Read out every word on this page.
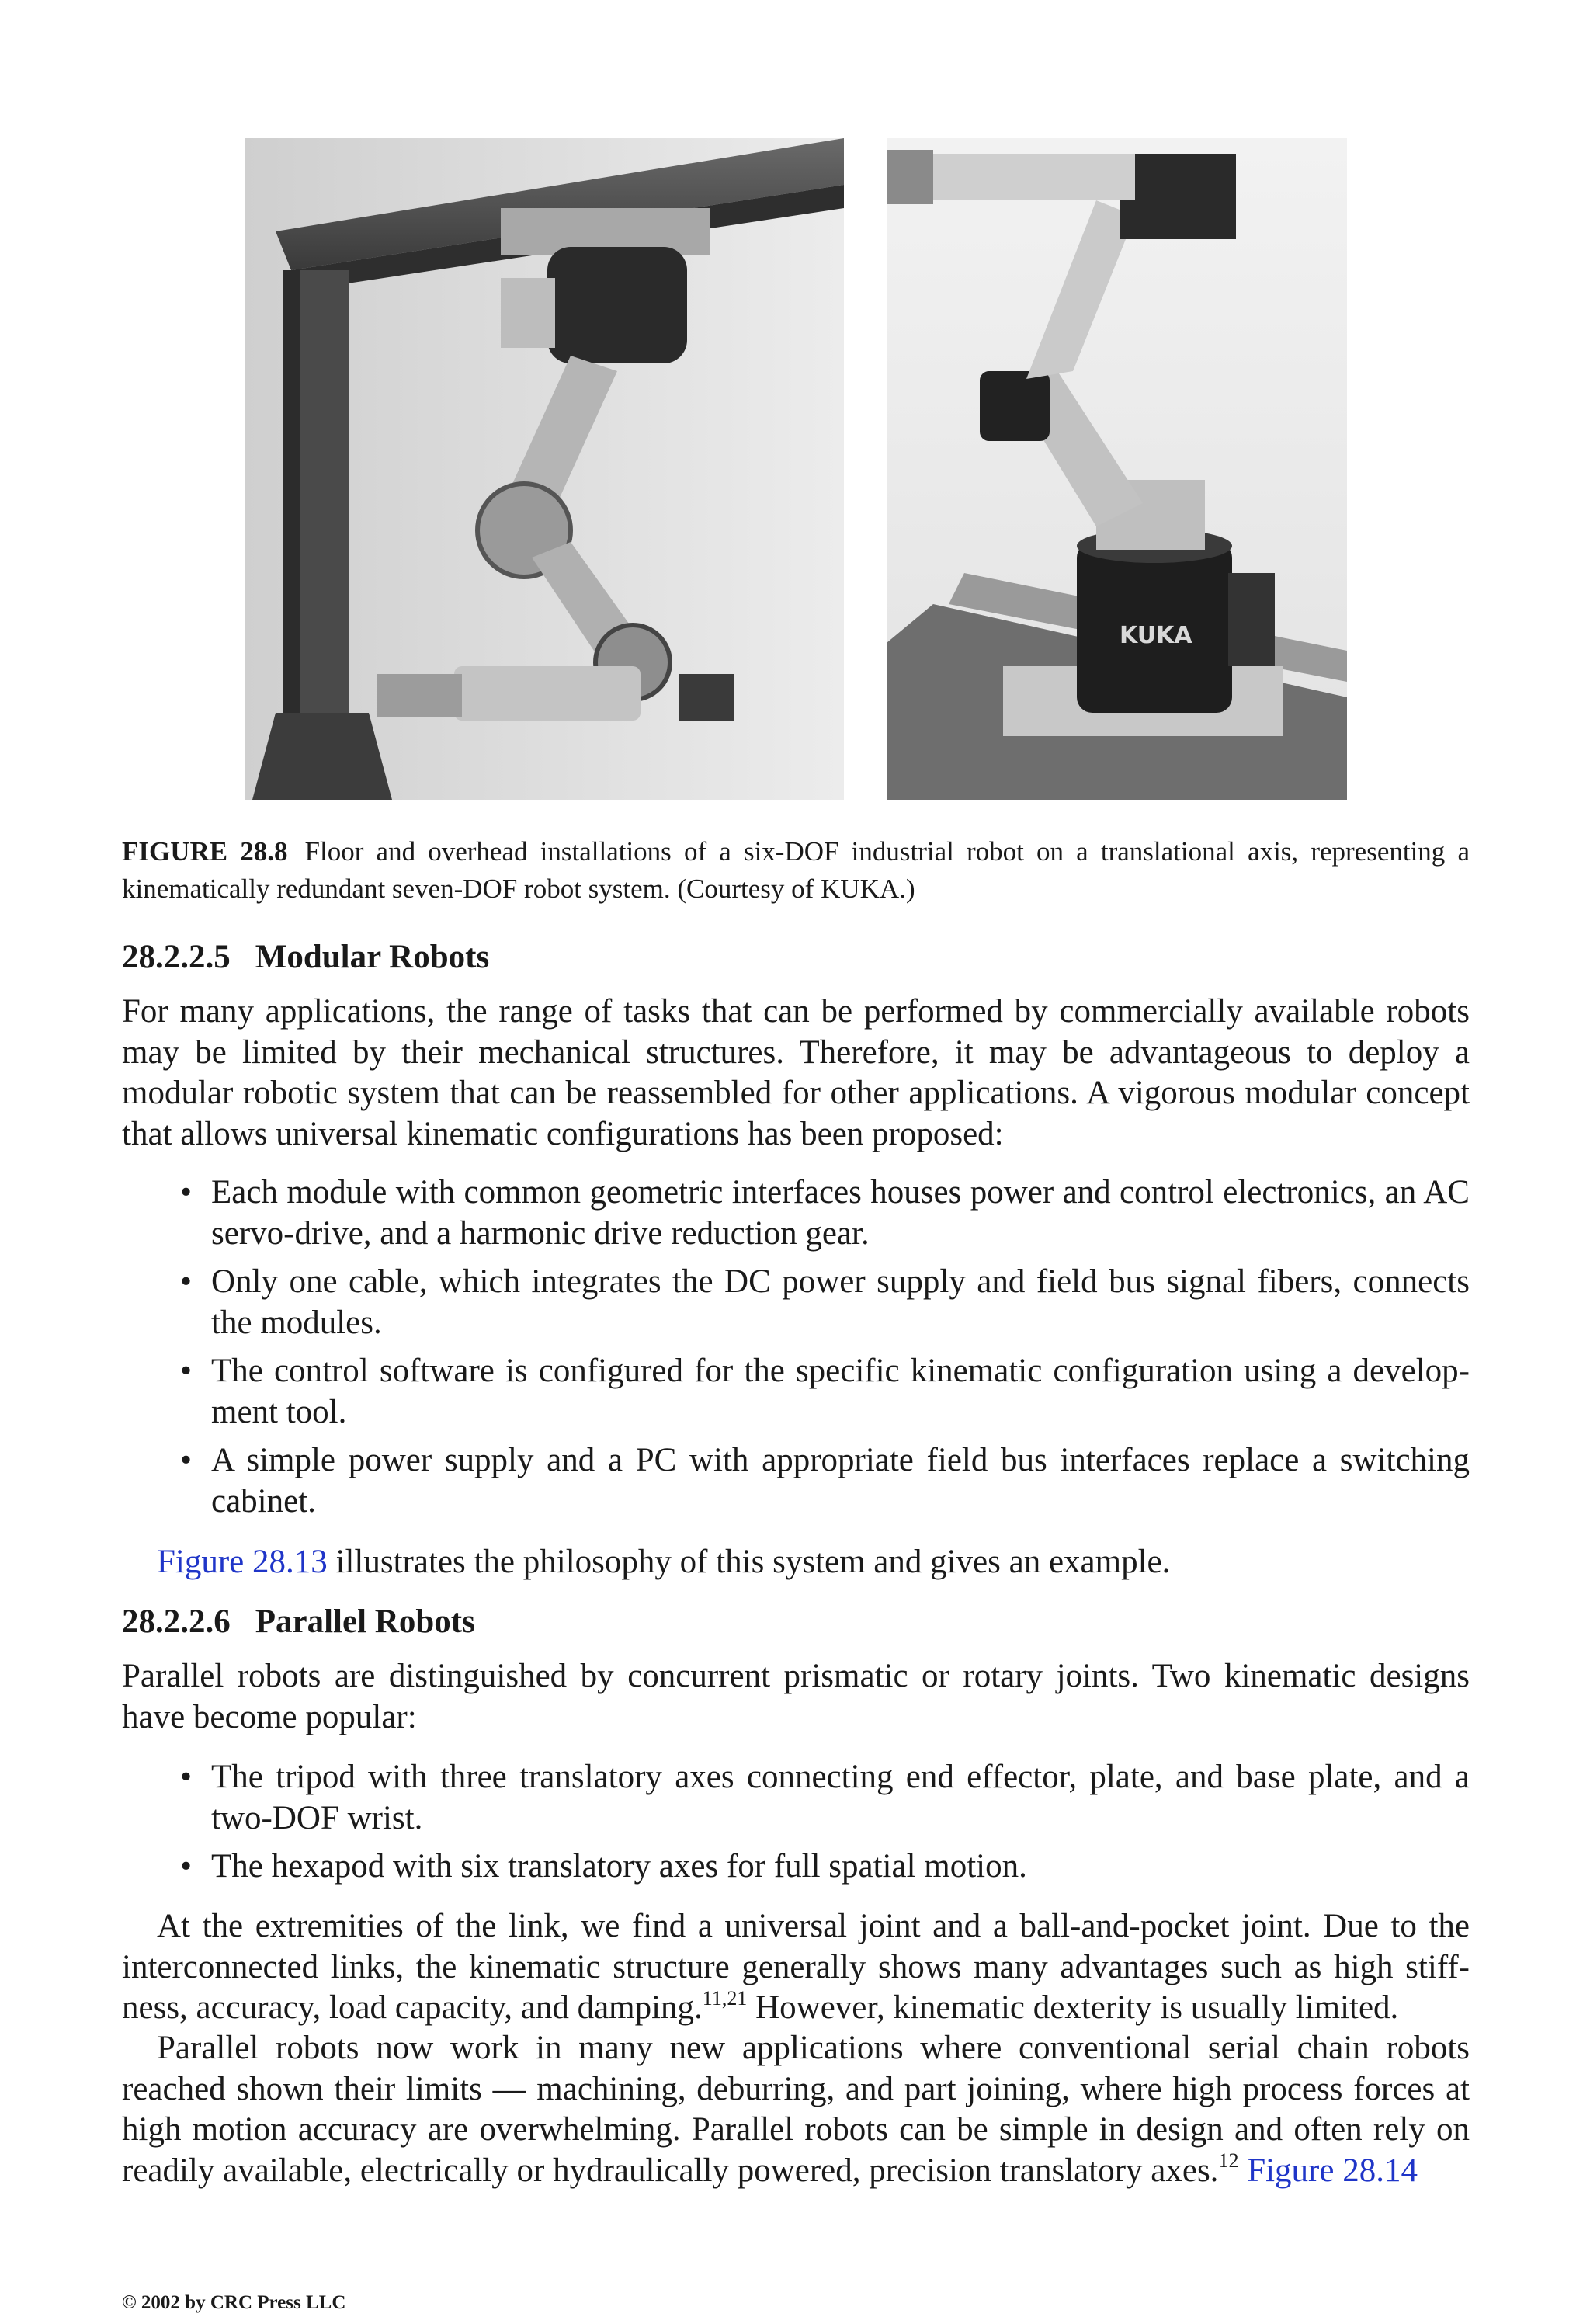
KUKA
FIGURE 28.8 Floor and overhead installations of a six-DOF industrial robot on a translational axis, representing a kinematically redundant seven-DOF robot system. (Courtesy of KUKA.)
28.2.2.5 Modular Robots

For many applications, the range of tasks that can be performed by commercially available robots may be limited by their mechanical structures. Therefore, it may be advantageous to deploy a modular robotic system that can be reassembled for other applications. A vigorous modular concept that allows universal kinematic configurations has been proposed:

• Each module with common geometric interfaces houses power and control electronics, an AC servo-drive, and a harmonic drive reduction gear.
• Only one cable, which integrates the DC power supply and field bus signal fibers, connects the modules.
• The control software is configured for the specific kinematic configuration using a develop-ment tool.
• A simple power supply and a PC with appropriate field bus interfaces replace a switching cabinet.

Figure 28.13 illustrates the philosophy of this system and gives an example.

28.2.2.6 Parallel Robots

Parallel robots are distinguished by concurrent prismatic or rotary joints. Two kinematic designs have become popular:

• The tripod with three translatory axes connecting end effector, plate, and base plate, and a two-DOF wrist.
• The hexapod with six translatory axes for full spatial motion.

At the extremities of the link, we find a universal joint and a ball-and-pocket joint. Due to the interconnected links, the kinematic structure generally shows many advantages such as high stiff-ness, accuracy, load capacity, and damping.$^{11,21}$ However, kinematic dexterity is usually limited.

Parallel robots now work in many new applications where conventional serial chain robots reached shown their limits — machining, deburring, and part joining, where high process forces at high motion accuracy are overwhelming. Parallel robots can be simple in design and often rely on readily available, electrically or hydraulically powered, precision translatory axes.$^{12}$ Figure 28.14

© 2002 by CRC Press LLC
